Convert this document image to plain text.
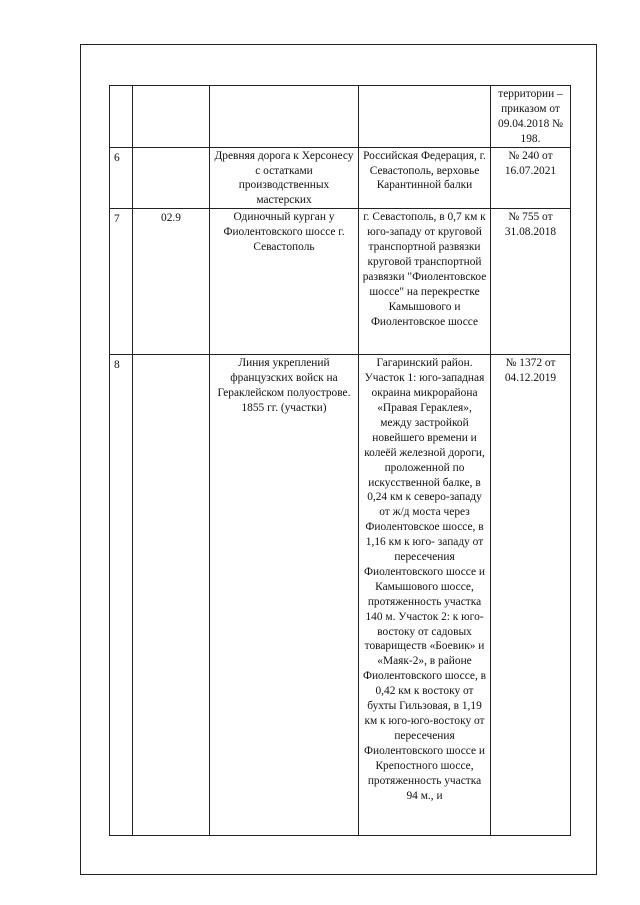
				территории – приказом от 09.04.2018 № 198.
6		Древняя дорога к Херсонесу с остатками производственных мастерских	Российская Федерация, г. Севастополь, верховье Карантинной балки	№ 240 от 16.07.2021
7	02.9	Одиночный курган у Фиолентовского шоссе г. Севастополь	г. Севастополь, в 0,7 км к юго-западу от круговой транспортной развязки круговой транспортной развязки "Фиолентовское шоссе" на перекрестке Камышового и Фиолентовское шоссе	№ 755 от 31.08.2018
8		Линия укреплений французских войск на Гераклейском полуострове. 1855 гг. (участки)	Гагаринский район. Участок 1: юго-западная окраина микрорайона «Правая Гераклея», между застройкой новейшего времени и колеёй железной дороги, проложенной по искусственной балке, в 0,24 км к северо-западу от ж/д моста через Фиолентовское шоссе, в 1,16 км к юго- западу от пересечения Фиолентовского шоссе и Камышового шоссе, протяженность участка 140 м. Участок 2: к юго-востоку от садовых товариществ «Боевик» и «Маяк-2», в районе Фиолентовского шоссе, в 0,42 км к востоку от бухты Гильзовая, в 1,19 км к юго-юго-востоку от пересечения Фиолентовского шоссе и Крепостного шоссе, протяженность участка 94 м., и	№ 1372 от 04.12.2019
